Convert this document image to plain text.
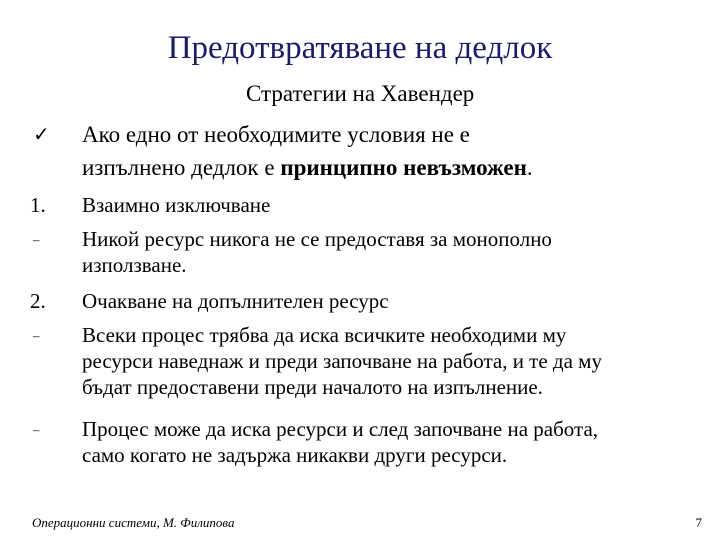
Предотвратяване на дедлок
Стратегии на Хавендер
✓ Ако едно от необходимите условия не е
изпълнено дедлок е принципно невъзможен.
1. Взаимно изключване
– Никой ресурс никога не се предоставя за монополно
използване.
2. Очакване на допълнителен ресурс
– Всеки процес трябва да иска всичките необходими му
ресурси наведнаж и преди започване на работа, и те да му
бъдат предоставени преди началото на изпълнение.
– Процес може да иска ресурси и след започване на работа,
само когато не задържа никакви други ресурси.
Операционни системи, М. Филипова	7
